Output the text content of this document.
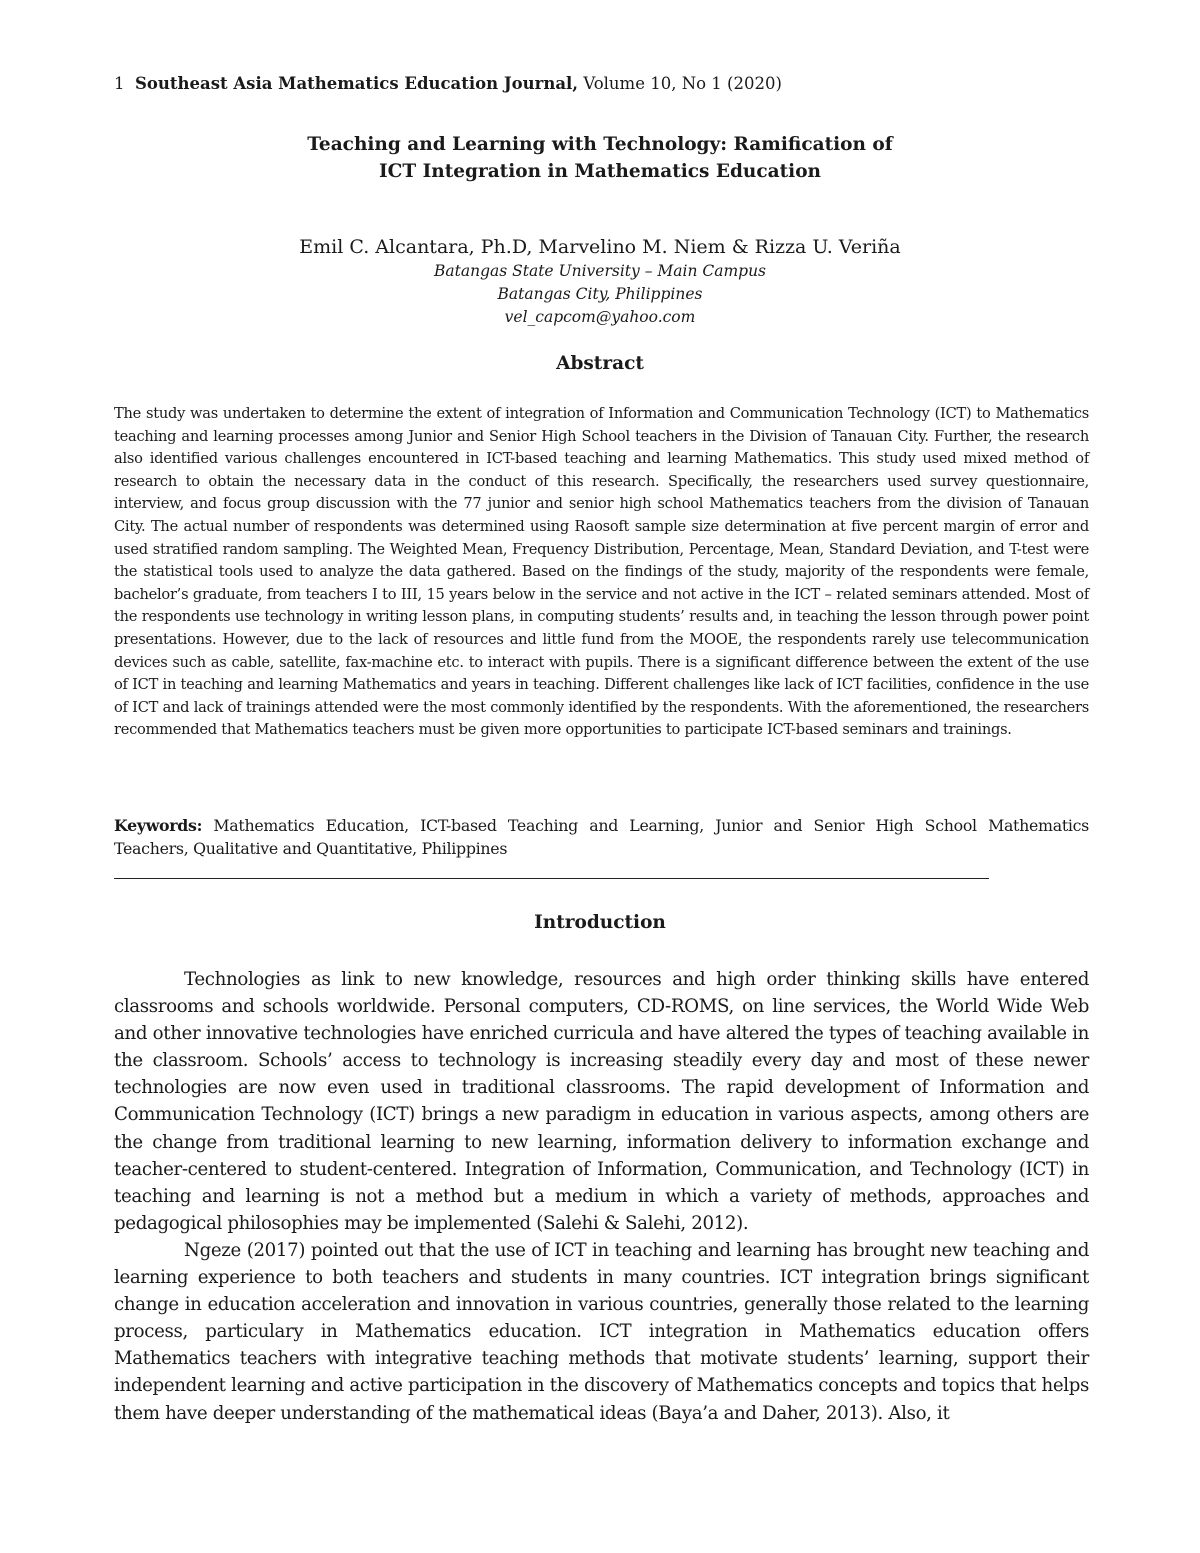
1 Southeast Asia Mathematics Education Journal, Volume 10, No 1 (2020)
Teaching and Learning with Technology: Ramification of
ICT Integration in Mathematics Education
Emil C. Alcantara, Ph.D, Marvelino M. Niem & Rizza U. Veriña
Batangas State University – Main Campus
Batangas City, Philippines
vel_capcom@yahoo.com
Abstract
The study was undertaken to determine the extent of integration of Information and Communication Technology (ICT) to Mathematics teaching and learning processes among Junior and Senior High School teachers in the Division of Tanauan City. Further, the research also identified various challenges encountered in ICT-based teaching and learning Mathematics. This study used mixed method of research to obtain the necessary data in the conduct of this research. Specifically, the researchers used survey questionnaire, interview, and focus group discussion with the 77 junior and senior high school Mathematics teachers from the division of Tanauan City. The actual number of respondents was determined using Raosoft sample size determination at five percent margin of error and used stratified random sampling. The Weighted Mean, Frequency Distribution, Percentage, Mean, Standard Deviation, and T-test were the statistical tools used to analyze the data gathered. Based on the findings of the study, majority of the respondents were female, bachelor’s graduate, from teachers I to III, 15 years below in the service and not active in the ICT – related seminars attended. Most of the respondents use technology in writing lesson plans, in computing students’ results and, in teaching the lesson through power point presentations. However, due to the lack of resources and little fund from the MOOE, the respondents rarely use telecommunication devices such as cable, satellite, fax-machine etc. to interact with pupils. There is a significant difference between the extent of the use of ICT in teaching and learning Mathematics and years in teaching. Different challenges like lack of ICT facilities, confidence in the use of ICT and lack of trainings attended were the most commonly identified by the respondents. With the aforementioned, the researchers recommended that Mathematics teachers must be given more opportunities to participate ICT-based seminars and trainings.
Keywords: Mathematics Education, ICT-based Teaching and Learning, Junior and Senior High School Mathematics Teachers, Qualitative and Quantitative, Philippines
Introduction

Technologies as link to new knowledge, resources and high order thinking skills have entered classrooms and schools worldwide. Personal computers, CD-ROMS, on line services, the World Wide Web and other innovative technologies have enriched curricula and have altered the types of teaching available in the classroom. Schools’ access to technology is increasing steadily every day and most of these newer technologies are now even used in traditional classrooms. The rapid development of Information and Communication Technology (ICT) brings a new paradigm in education in various aspects, among others are the change from traditional learning to new learning, information delivery to information exchange and teacher-centered to student-centered. Integration of Information, Communication, and Technology (ICT) in teaching and learning is not a method but a medium in which a variety of methods, approaches and pedagogical philosophies may be implemented (Salehi & Salehi, 2012).

Ngeze (2017) pointed out that the use of ICT in teaching and learning has brought new teaching and learning experience to both teachers and students in many countries. ICT integration brings significant change in education acceleration and innovation in various countries, generally those related to the learning process, particulary in Mathematics education. ICT integration in Mathematics education offers Mathematics teachers with integrative teaching methods that motivate students’ learning, support their independent learning and active participation in the discovery of Mathematics concepts and topics that helps them have deeper understanding of the mathematical ideas (Baya’a and Daher, 2013). Also, it
